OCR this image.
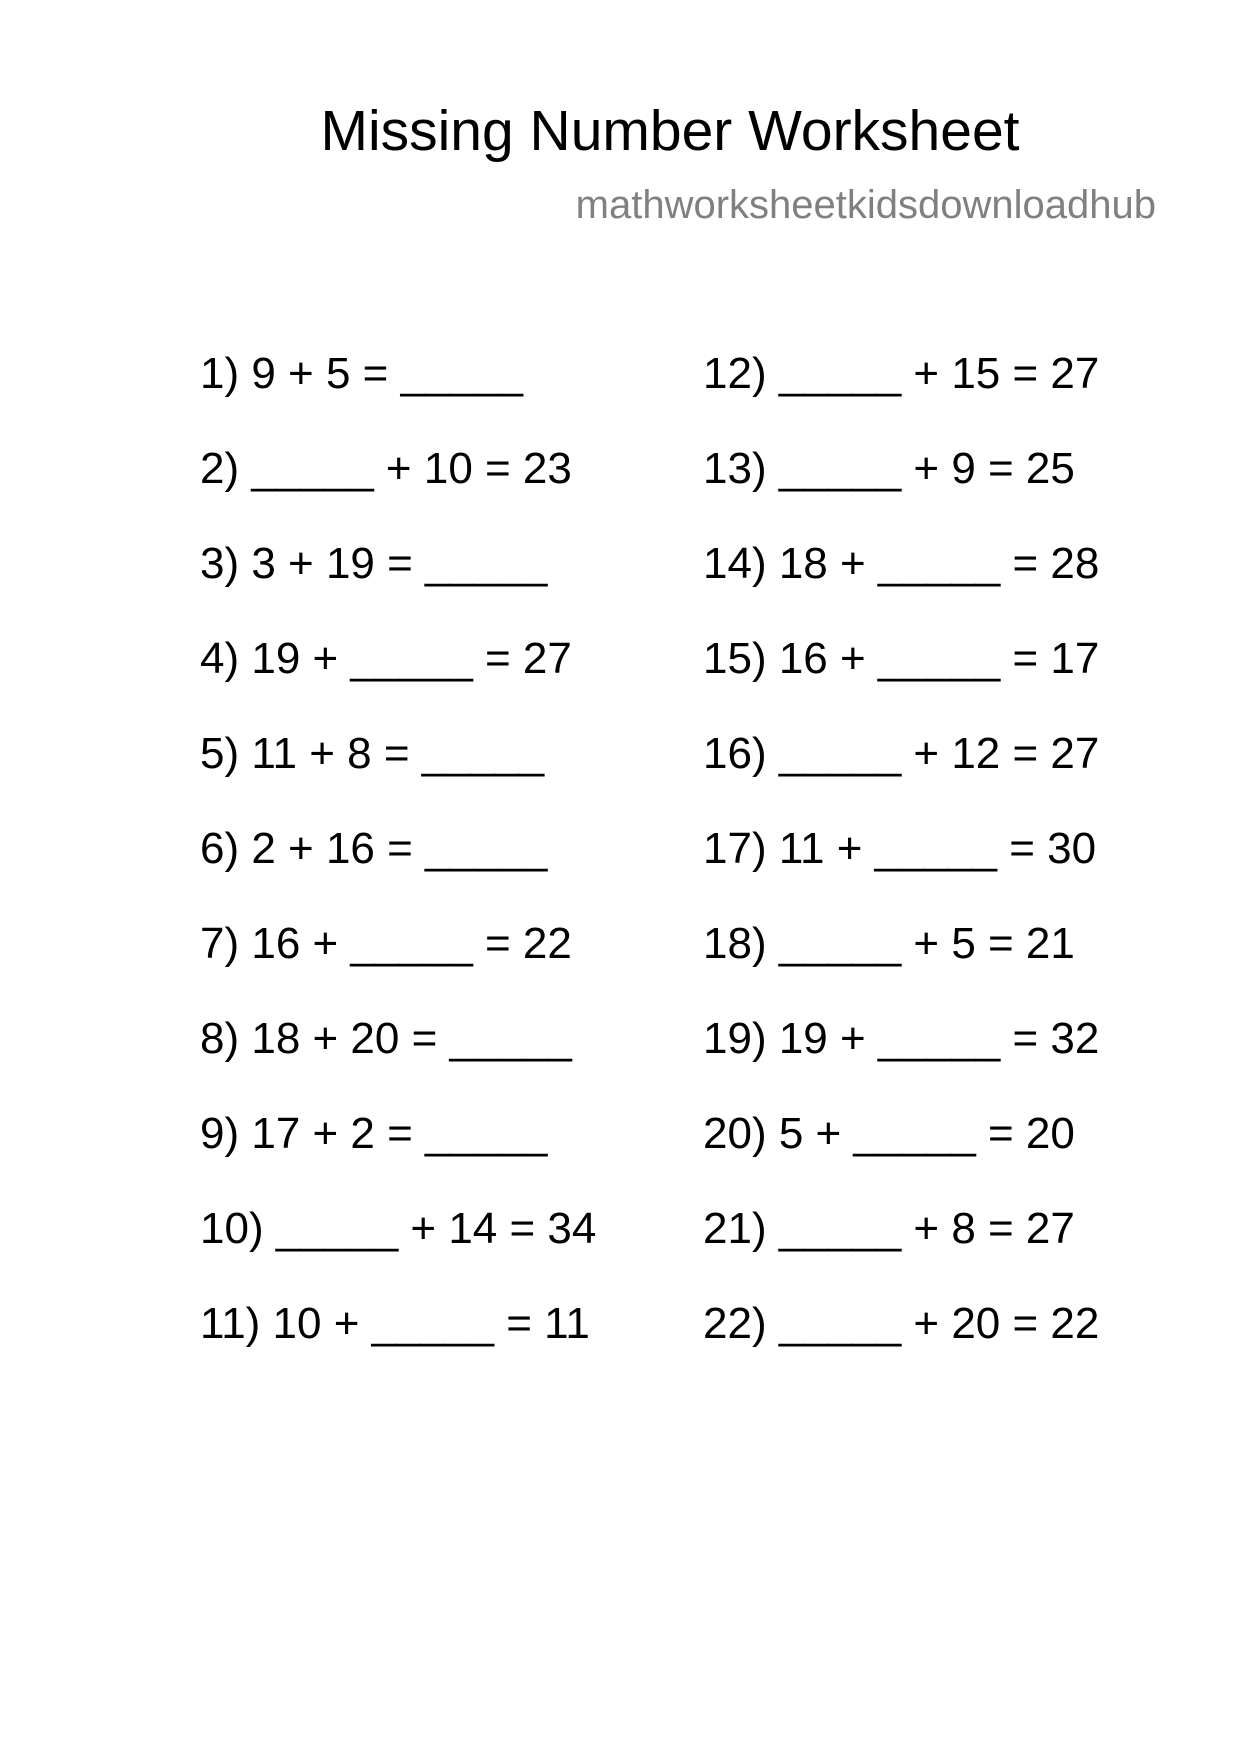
Missing Number Worksheet
mathworksheetkidsdownloadhub
1) 9 + 5 = _____
2) _____ + 10 = 23
3) 3 + 19 = _____
4) 19 + _____ = 27
5) 11 + 8 = _____
6) 2 + 16 = _____
7) 16 + _____ = 22
8) 18 + 20 = _____
9) 17 + 2 = _____
10) _____ + 14 = 34
11) 10 + _____ = 11
12) _____ + 15 = 27
13) _____ + 9 = 25
14) 18 + _____ = 28
15) 16 + _____ = 17
16) _____ + 12 = 27
17) 11 + _____ = 30
18) _____ + 5 = 21
19) 19 + _____ = 32
20) 5 + _____ = 20
21) _____ + 8 = 27
22) _____ + 20 = 22
